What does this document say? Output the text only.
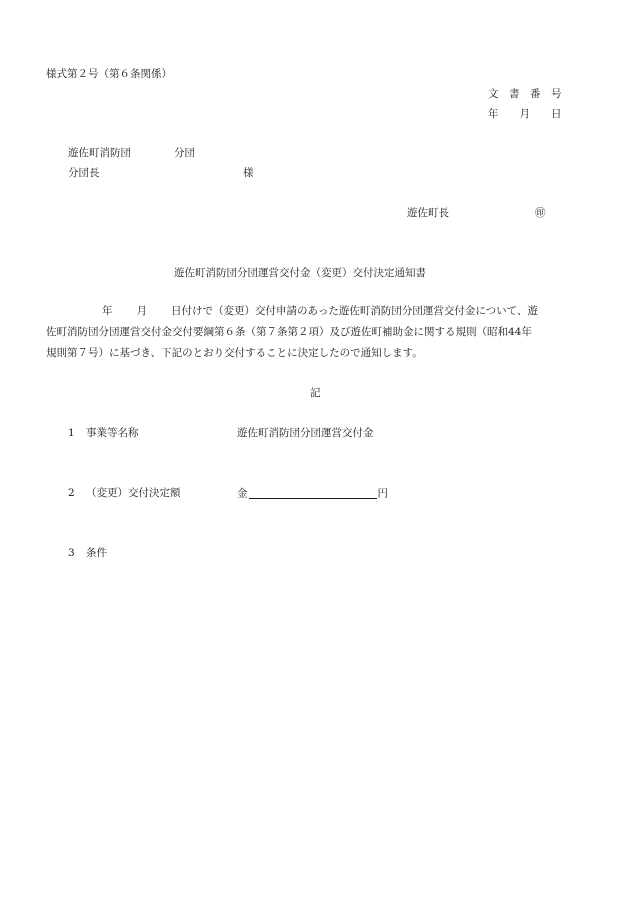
様式第２号（第６条関係）
文　書　番　号
年　　月　　日
遊佐町消防団	分団
分団長	様
遊佐町長	㊞
遊佐町消防団分団運営交付金（変更）交付決定通知書
年 月 日付けで（変更）交付申請のあった遊佐町消防団分団運営交付金について、遊
佐町消防団分団運営交付金交付要綱第６条（第７条第２項）及び遊佐町補助金に関する規則（昭和44年
規則第７号）に基づき、下記のとおり交付することに決定したので通知します。
記
1 事業等名称	遊佐町消防団分団運営交付金
2 （変更）交付決定額	金	円
3 条件
